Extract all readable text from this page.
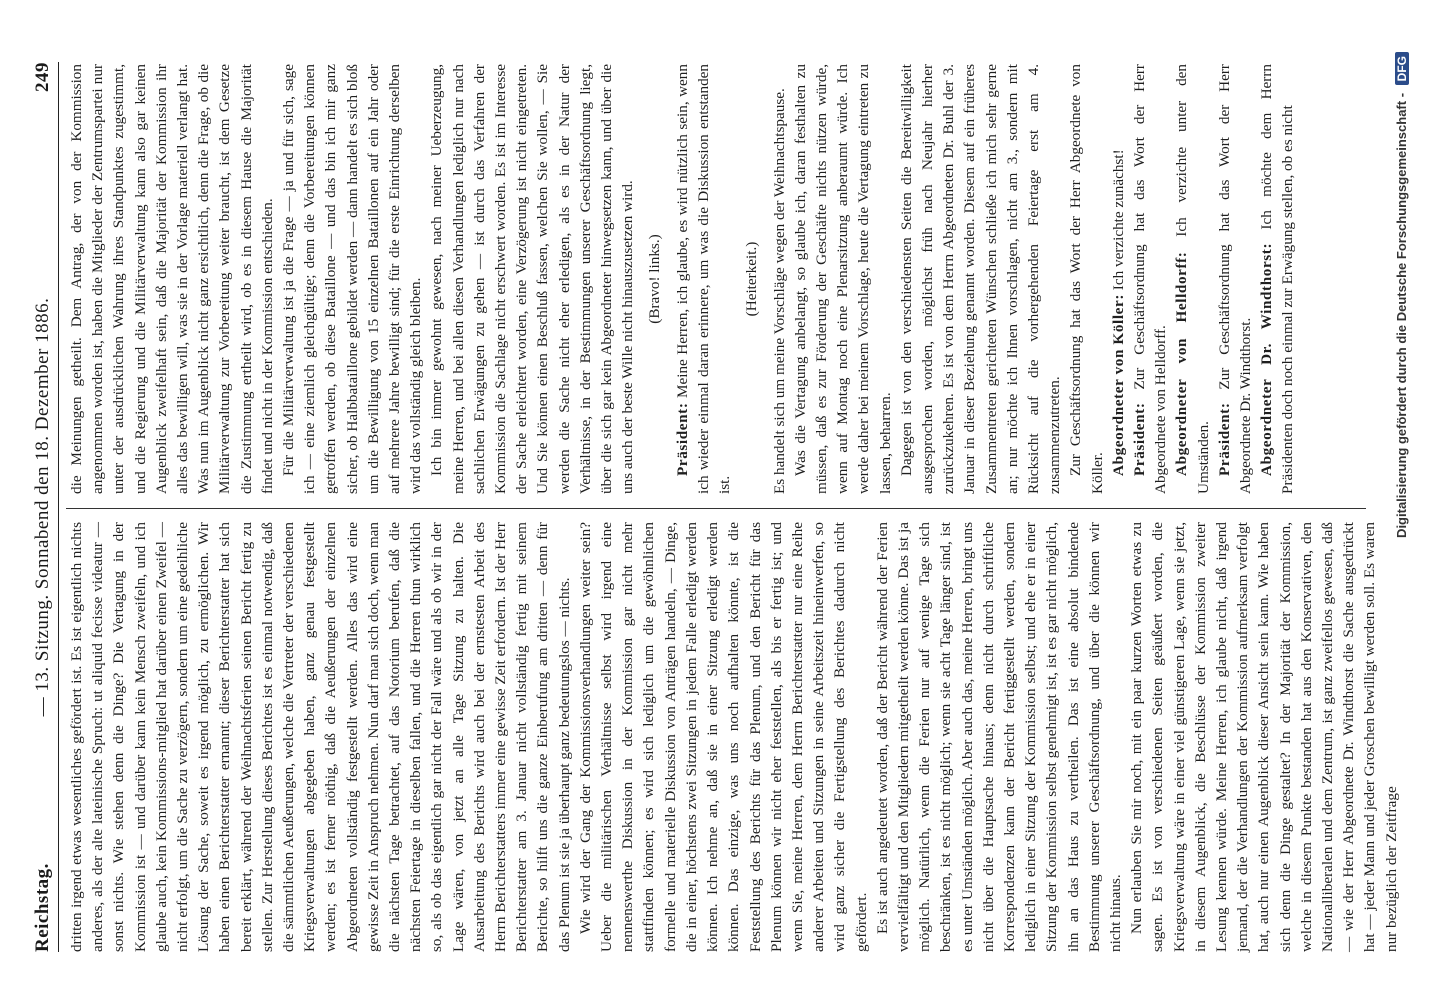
Reichstag.
— 13. Sitzung. Sonnabend den 18. Dezember 1886.
249

dritten irgend etwas wesentliches gefördert ist. Es ist eigentlich nichts anderes, als der alte lateinische Spruch: ut aliquid fecisse videatur — sonst nichts. Wie stehen denn die Dinge? Die Vertagung in der Kommission ist — und darüber kann kein Mensch zweifeln, und ich glaube auch, kein Kommissions-mitglied hat darüber einen Zweifel — nicht erfolgt, um die Sache zu verzögern, sondern um eine gedeihliche Lösung der Sache, soweit es irgend möglich, zu ermöglichen. Wir haben einen Berichterstatter ernannt; dieser Berichterstatter hat sich bereit erklärt, während der Weihnachtsferien seinen Bericht fertig zu stellen. Zur Herstellung dieses Berichtes ist es einmal notwendig, daß die sämmtlichen Aeußerungen, welche die Vertreter der verschiedenen Kriegsverwaltungen abgegeben haben, ganz genau festgestellt werden; es ist ferner nöthig, daß die Aeußerungen der einzelnen Abgeordneten vollständig festgestellt werden. Alles das wird eine gewisse Zeit in Anspruch nehmen. Nun darf man sich doch, wenn man die nächsten Tage betrachtet, auf das Notorium berufen, daß die nächsten Feiertage in dieselben fallen, und die Herren thun wirklich so, als ob das eigentlich gar nicht der Fall wäre und als ob wir in der Lage wären, von jetzt an alle Tage Sitzung zu halten. Die Ausarbeitung des Berichts wird auch bei der ernstesten Arbeit des Herrn Berichterstatters immer eine gewisse Zeit erfordern. Ist der Herr Berichterstatter am 3. Januar nicht vollständig fertig mit seinem Berichte, so hilft uns die ganze Einberufung am dritten — denn für das Plenum ist sie ja überhaupt ganz bedeutungslos — nichts. Wie wird der Gang der Kommissionsverhandlungen weiter sein? Ueber die militärischen Verhältnisse selbst wird irgend eine nennenswerthe Diskussion in der Kommission gar nicht mehr stattfinden können; es wird sich lediglich um die gewöhnlichen formelle und materielle Diskussion von Anträgen handeln, — Dinge, die in einer, höchstens zwei Sitzungen in jedem Falle erledigt werden können. Ich nehme an, daß sie in einer Sitzung erledigt werden können. Das einzige, was uns noch aufhalten könnte, ist die Feststellung des Berichts für das Plenum, und den Bericht für das Plenum können wir nicht eher feststellen, als bis er fertig ist; und wenn Sie, meine Herren, dem Herrn Berichterstatter nur eine Reihe anderer Arbeiten und Sitzungen in seine Arbeitszeit hineinwerfen, so wird ganz sicher die Fertigstellung des Berichtes dadurch nicht gefördert. Es ist auch angedeutet worden, daß der Bericht während der Ferien vervielfältigt und den Mitgliedern mitgetheilt werden könne. Das ist ja möglich. Natürlich, wenn die Ferien nur auf wenige Tage sich beschränken, ist es nicht möglich; wenn sie acht Tage länger sind, ist es unter Umständen möglich. Aber auch das, meine Herren, bringt uns nicht über die Hauptsache hinaus; denn nicht durch schriftliche Korrespondenzen kann der Bericht fertiggestellt werden, sondern lediglich in einer Sitzung der Kommission selbst; und ehe er in einer Sitzung der Kommission selbst genehmigt ist, ist es gar nicht möglich, ihn an das Haus zu vertheilen. Das ist eine absolut bindende Bestimmung unserer Geschäftsordnung, und über die können wir nicht hinaus. Nun erlauben Sie mir noch, mit ein paar kurzen Worten etwas zu sagen. Es ist von verschiedenen Seiten geäußert worden, die Kriegsverwaltung wäre in einer viel günstigeren Lage, wenn sie jetzt, in diesem Augenblick, die Beschlüsse der Kommission zweiter Lesung kennen würde. Meine Herren, ich glaube nicht, daß irgend jemand, der die Verhandlungen der Kommission aufmerksam verfolgt hat, auch nur einen Augenblick dieser Ansicht sein kann. Wie haben sich denn die Dinge gestaltet? In der Majorität der Kommission, welche in diesem Punkte bestanden hat aus den Konservativen, den Nationalliberalen und dem Zentrum, ist ganz zweifellos gewesen, daß — wie der Herr Abgeordnete Dr. Windthorst die Sache ausgedrückt hat — jeder Mann und jeder Groschen bewilligt werden soll. Es waren nur bezüglich der Zeitfrage

die Meinungen getheilt. Dem Antrag, der von der Kommission angenommen worden ist, haben die Mitglieder der Zentrumspartei nur unter der ausdrücklichen Wahrung ihres Standpunktes zugestimmt, und die Regierung und die Militärverwaltung kann also gar keinen Augenblick zweifelhaft sein, daß die Majorität der Kommission ihr alles das bewilligen will, was sie in der Vorlage materiell verlangt hat. Was nun im Augenblick nicht ganz ersichtlich, denn die Frage, ob die Militärverwaltung zur Vorbereitung weiter braucht, ist dem Gesetze die Zustimmung ertheilt wird, ob es in diesem Hause die Majorität findet und nicht in der Kommission entschieden. Für die Militärverwaltung ist ja die Frage — ja und für sich, sage ich — eine ziemlich gleichgültige; denn die Vorbereitungen können getroffen werden, ob diese Bataillone — und das bin ich mir ganz sicher, ob Halbbataillone gebildet werden — dann handelt es sich bloß um die Bewilligung von 15 einzelnen Bataillonen auf ein Jahr oder auf mehrere Jahre bewilligt sind; für die erste Einrichtung derselben wird das vollständig gleich bleiben. Ich bin immer gewohnt gewesen, nach meiner Ueberzeugung, meine Herren, und bei allen diesen Verhandlungen lediglich nur nach sachlichen Erwägungen zu gehen — ist durch das Verfahren der Kommission die Sachlage nicht erschwert worden. Es ist im Interesse der Sache erleichtert worden, eine Verzögerung ist nicht eingetreten. Und Sie können einen Beschluß fassen, welchen Sie wollen, — Sie werden die Sache nicht eher erledigen, als es in der Natur der Verhältnisse, in der Bestimmungen unserer Geschäftsordnung liegt, über die sich gar kein Abgeordneter hinwegsetzen kann, und über die uns auch der beste Wille nicht hinauszusetzen wird. (Bravo! links.)

Präsident: Meine Herren, ich glaube, es wird nützlich sein, wenn ich wieder einmal daran erinnere, um was die Diskussion entstanden ist.

(Heiterkeit.) Es handelt sich um meine Vorschläge wegen der Weihnachtspause. Was die Vertagung anbelangt, so glaube ich, daran festhalten zu müssen, daß es zur Förderung der Geschäfte nichts nützen würde, wenn auf Montag noch eine Plenarsitzung anberaumt würde. Ich werde daher bei meinem Vorschlage, heute die Vertagung eintreten zu lassen, beharren. Dagegen ist von den verschiedensten Seiten die Bereitwilligkeit ausgesprochen worden, möglichst früh nach Neujahr hierher zurückzukehren. Es ist von dem Herrn Abgeordneten Dr. Buhl der 3. Januar in dieser Beziehung genannt worden. Diesem auf ein früheres Zusammentreten gerichteten Wünschen schließe ich mich sehr gerne an; nur möchte ich Ihnen vorschlagen, nicht am 3., sondern mit Rücksicht auf die vorhergehenden Feiertage erst am 4. zusammenzutreten. Zur Geschäftsordnung hat das Wort der Herr Abgeordnete von Köller. Abgeordneter von Köller: Ich verzichte zunächst!

Präsident: Zur Geschäftsordnung hat das Wort der Herr Abgeordnete von Helldorff. Abgeordneter von Helldorff: Ich verzichte unter den Umständen. Präsident: Zur Geschäftsordnung hat das Wort der Herr Abgeordnete Dr. Windthorst. Abgeordneter Dr. Windthorst: Ich möchte dem Herrn Präsidenten doch noch einmal zur Erwägung stellen, ob es nicht	Digitalisierung gefördert durch die Deutsche Forschungsgemeinschaft - DFG
